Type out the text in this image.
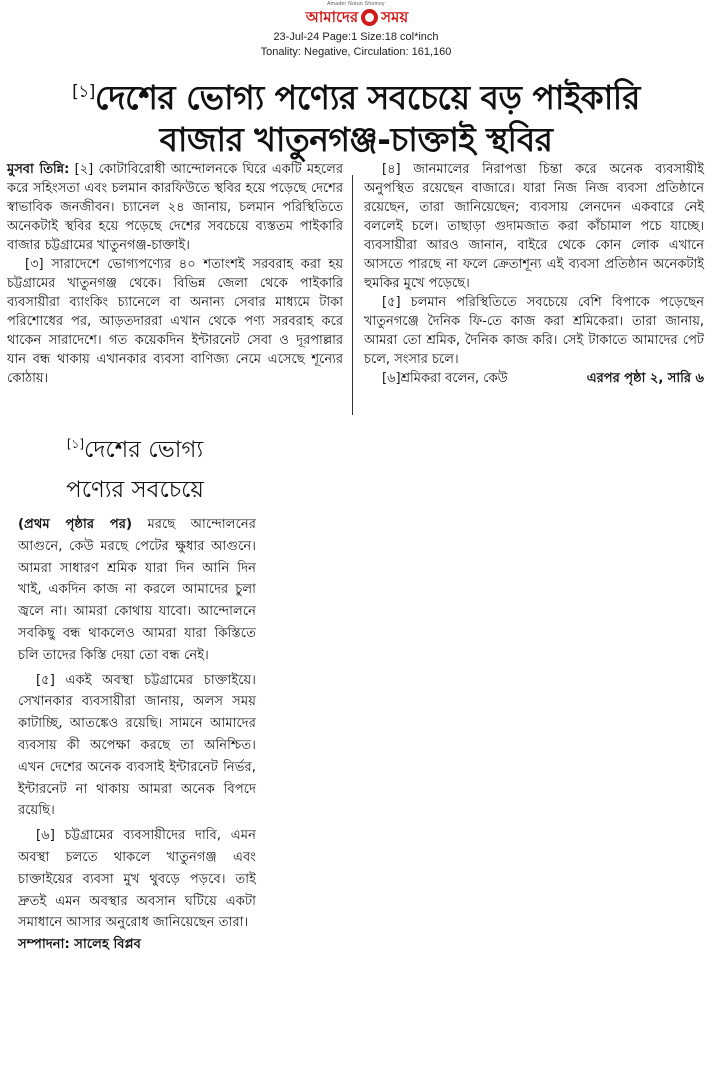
Amader Notun Shomoy
আমাদের সময়
23-Jul-24 Page:1 Size:18 col*inch
Tonality: Negative, Circulation: 161,160
[১]দেশের ভোগ্য পণ্যের সবচেয়ে বড় পাইকারি
বাজার খাতুনগঞ্জ-চাক্তাই স্থবির

মুসবা তিন্নি: [২] কোটাবিরোধী আন্দোলনকে ঘিরে একটি মহলের করে সহিংসতা এবং চলমান কারফিউতে স্থবির হয়ে পড়েছে দেশের স্বাভাবিক জনজীবন। চ্যানেল ২৪ জানায়, চলমান পরিস্থিতিতে অনেকটাই স্থবির হয়ে পড়েছে দেশের সবচেয়ে ব্যস্ততম পাইকারি বাজার চট্টগ্রামের খাতুনগঞ্জ-চাক্তাই।

[৩] সারাদেশে ভোগ্যপণ্যের ৪০ শতাংশই সরবরাহ করা হয় চট্টগ্রামের খাতুনগঞ্জ থেকে। বিভিন্ন জেলা থেকে পাইকারি ব্যবসায়ীরা ব্যাংকিং চ্যানেলে বা অনান্য সেবার মাধ্যমে টাকা পরিশোধের পর, আড়তদাররা এখান থেকে পণ্য সরবরাহ করে থাকেন সারাদেশে। গত কয়েকদিন ইন্টারনেট সেবা ও দূরপাল্লার যান বন্ধ থাকায় এখানকার ব্যবসা বাণিজ্য নেমে এসেছে শূন্যের কোঠায়।

[৪] জানমালের নিরাপত্তা চিন্তা করে অনেক ব্যবসায়ীই অনুপস্থিত রয়েছেন বাজারে। যারা নিজ নিজ ব্যবসা প্রতিষ্ঠানে রয়েছেন, তারা জানিয়েছেন; ব্যবসায় লেনদেন একবারে নেই বললেই চলে। তাছাড়া গুদামজাত করা কাঁচামাল পচে যাচ্ছে। ব্যবসায়ীরা আরও জানান, বাইরে থেকে কোন লোক এখানে আসতে পারছে না ফলে ক্রেতাশূন্য এই ব্যবসা প্রতিষ্ঠান অনেকটাই হুমকির মুখে পড়েছে।

[৫] চলমান পরিস্থিতিতে সবচেয়ে বেশি বিপাকে পড়েছেন খাতুনগঞ্জে দৈনিক ফি-তে কাজ করা শ্রমিকেরা। তারা জানায়, আমরা তো শ্রমিক, দৈনিক কাজ করি। সেই টাকাতে আমাদের পেট চলে, সংসার চলে।

[৬]শ্রমিকরা বলেন, কেউ	এরপর পৃষ্ঠা ২, সারি ৬
[১]দেশের ভোগ্য
পণ্যের সবচেয়ে

(প্রথম পৃষ্ঠার পর) মরছে আন্দোলনের আগুনে, কেউ মরছে পেটের ক্ষুধার আগুনে। আমরা সাধারণ শ্রমিক যারা দিন আনি দিন খাই, একদিন কাজ না করলে আমাদের চুলা জ্বলে না। আমরা কোথায় যাবো। আন্দোলনে সবকিছু বন্ধ থাকলেও আমরা যারা কিস্তিতে চলি তাদের কিস্তি দেয়া তো বন্ধ নেই।

[৫] একই অবস্থা চট্টগ্রামের চাক্তাইয়ে। সেখানকার ব্যবসায়ীরা জানায়, অলস সময় কাটাচ্ছি, আতঙ্কেও রয়েছি। সামনে আমাদের ব্যবসায় কী অপেক্ষা করছে তা অনিশ্চিত। এখন দেশের অনেক ব্যবসাই ইন্টারনেট নির্ভর, ইন্টারনেট না থাকায় আমরা অনেক বিপদে রয়েছি।

[৬] চট্টগ্রামের ব্যবসায়ীদের দাবি, এমন অবস্থা চলতে থাকলে খাতুনগঞ্জ এবং চাক্তাইয়ের ব্যবসা মুখ থুবড়ে পড়বে। তাই দ্রুতই এমন অবস্থার অবসান ঘটিয়ে একটা সমাধানে আসার অনুরোধ জানিয়েছেন তারা।

সম্পাদনা: সালেহ বিপ্লব
